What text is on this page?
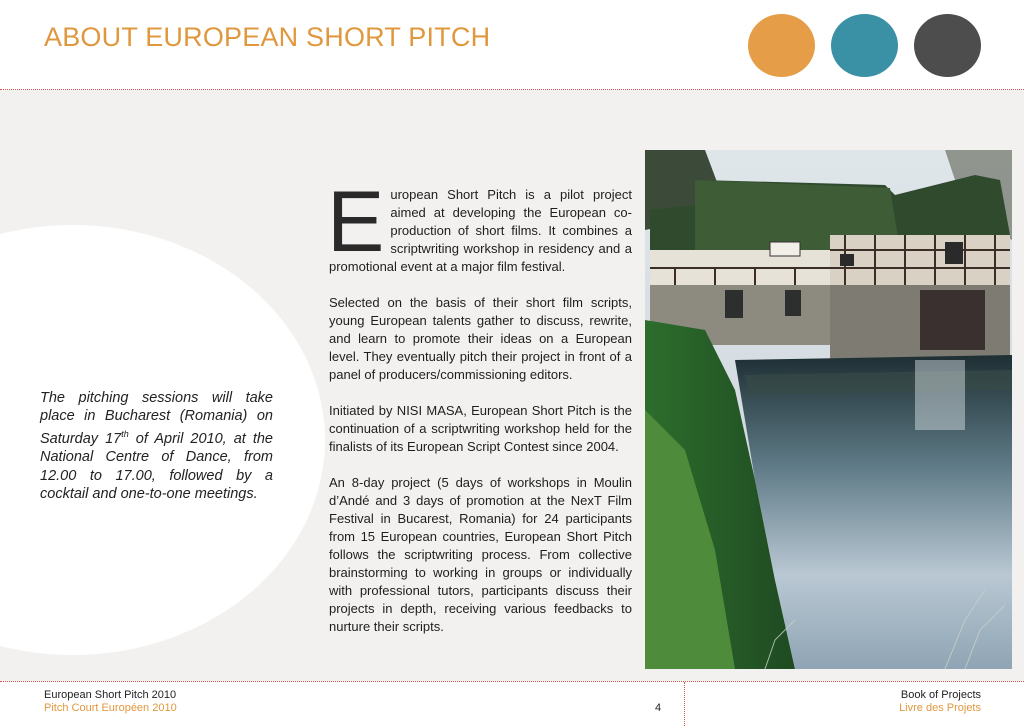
ABOUT EUROPEAN SHORT PITCH
The pitching sessions will take place in Bucharest (Romania) on Saturday 17th of April 2010, at the National Centre of Dance, from 12.00 to 17.00, followed by a cocktail and one-to-one meetings.

European Short Pitch is a pilot project aimed at developing the European co-production of short films. It combines a scriptwriting workshop in residency and a promotional event at a major film festival.

Selected on the basis of their short film scripts, young European talents gather to discuss, rewrite, and learn to promote their ideas on a European level. They eventually pitch their project in front of a panel of producers/commissioning editors.

Initiated by NISI MASA, European Short Pitch is the continuation of a scriptwriting workshop held for the finalists of its European Script Contest since 2004.

An 8-day project (5 days of workshops in Moulin d’Andé and 3 days of promotion at the NexT Film Festival in Bucarest, Romania) for 24 participants from 15 European countries, European Short Pitch follows the scriptwriting process. From collective brainstorming to working in groups or individually with professional tutors, participants discuss their projects in depth, receiving various feedbacks to nurture their scripts.

European Short Pitch 2010
Pitch Court Européen 2010	4
Book of Projects
Livre des Projets
